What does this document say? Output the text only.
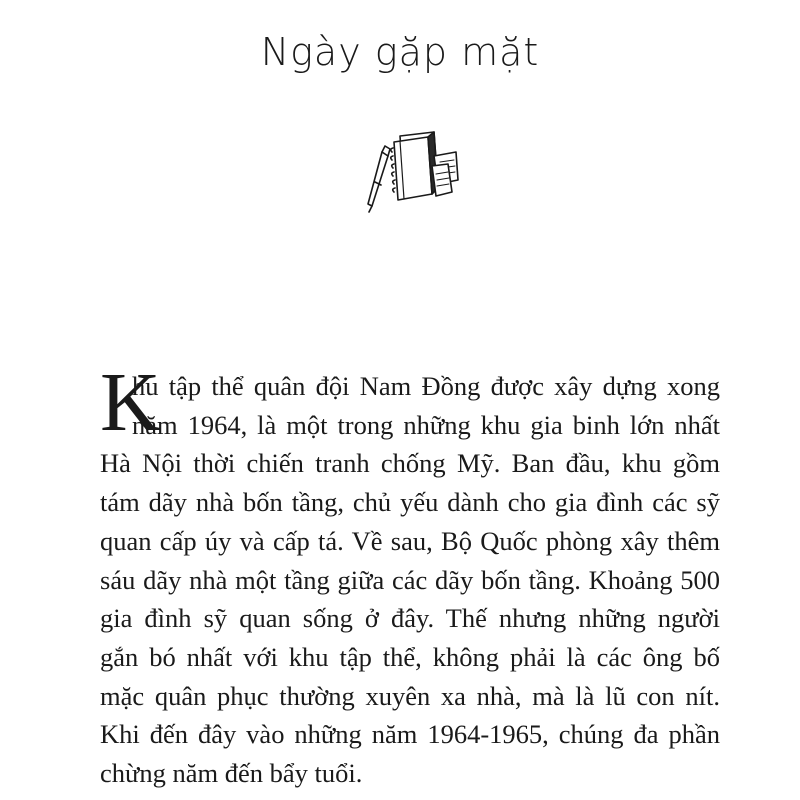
Ngày gặp mặt
K
hu tập thể quân đội Nam Đồng được xây dựng xong
năm 1964, là một trong những khu gia binh lớn nhất
Hà Nội thời chiến tranh chống Mỹ. Ban đầu, khu gồm
tám dãy nhà bốn tầng, chủ yếu dành cho gia đình các sỹ
quan cấp úy và cấp tá. Về sau, Bộ Quốc phòng xây thêm
sáu dãy nhà một tầng giữa các dãy bốn tầng. Khoảng 500
gia đình sỹ quan sống ở đây. Thế nhưng những người
gắn bó nhất với khu tập thể, không phải là các ông bố
mặc quân phục thường xuyên xa nhà, mà là lũ con nít.
Khi đến đây vào những năm 1964-1965, chúng đa phần
chừng năm đến bẩy tuổi.
